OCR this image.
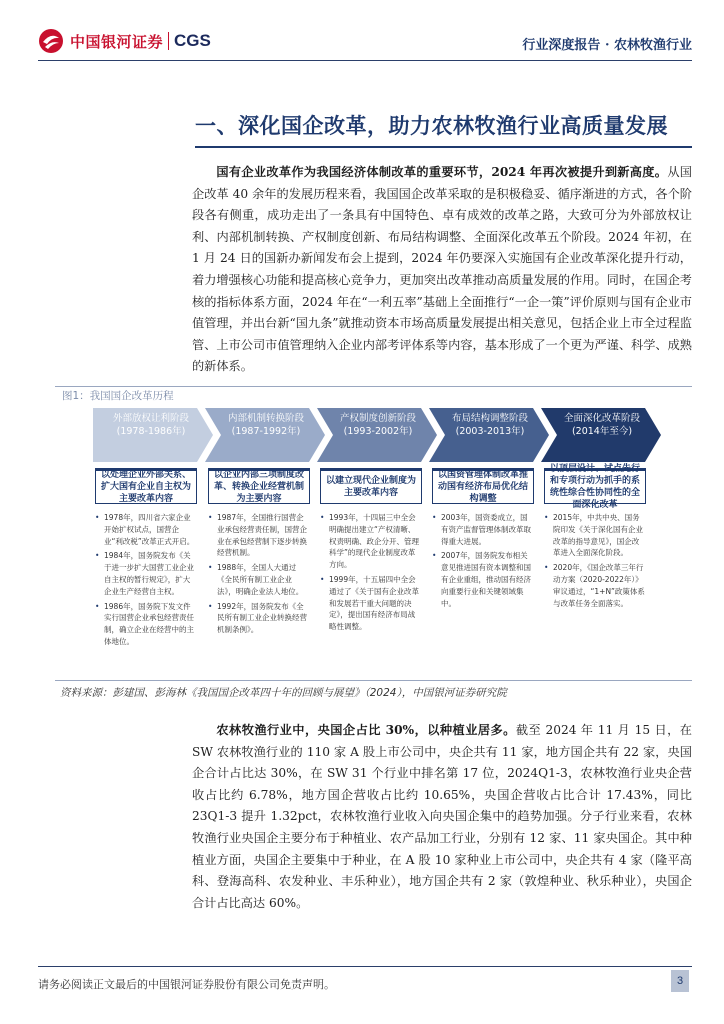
中国银河证券 CGS	行业深度报告 · 农林牧渔行业
一、深化国企改革，助力农林牧渔行业高质量发展
国有企业改革作为我国经济体制改革的重要环节，2024 年再次被提升到新高度。从国企改革 40 余年的发展历程来看，我国国企改革采取的是积极稳妥、循序渐进的方式，各个阶段各有侧重，成功走出了一条具有中国特色、卓有成效的改革之路，大致可分为外部放权让利、内部机制转换、产权制度创新、布局结构调整、全面深化改革五个阶段。2024 年初，在 1 月 24 日的国新办新闻发布会上提到，2024 年仍要深入实施国有企业改革深化提升行动，着力增强核心功能和提高核心竞争力，更加突出改革推动高质量发展的作用。同时，在国企考核的指标体系方面，2024 年在“一利五率”基础上全面推行“一企一策”评价原则与国有企业市值管理，并出台新“国九条”就推动资本市场高质量发展提出相关意见，包括企业上市全过程监管、上市公司市值管理纳入企业内部考评体系等内容，基本形成了一个更为严谨、科学、成熟的新体系。
图1：我国国企改革历程
外部放权让利阶段
(1978-1986年)
内部机制转换阶段
(1987-1992年)
产权制度创新阶段
(1993-2002年)
布局结构调整阶段
(2003-2013年)
全面深化改革阶段
(2014年至今)
以处理企业外部关系、扩大国有企业自主权为主要改革内容
• 1978年，四川省六家企业开始扩权试点，国营企业“利改税”改革正式开启。
• 1984年，国务院发布《关于进一步扩大国营工业企业自主权的暂行规定》，扩大企业生产经营自主权。
• 1986年，国务院下发文件实行国营企业承包经营责任制，确立企业在经营中的主体地位。
以企业内部三项制度改革、转换企业经营机制为主要内容
• 1987年，全国推行国营企业承包经营责任制，国营企业在承包经营制下逐步转换经营机制。
• 1988年，全国人大通过《全民所有制工业企业法》，明确企业法人地位。
• 1992年，国务院发布《全民所有制工业企业转换经营机制条例》。
以建立现代企业制度为主要改革内容
• 1993年，十四届三中全会明确提出建立“产权清晰、权责明确、政企分开、管理科学”的现代企业制度改革方向。
• 1999年，十五届四中全会通过了《关于国有企业改革和发展若干重大问题的决定》，提出国有经济布局战略性调整。
以国资管理体制改革推动国有经济布局优化结构调整
• 2003年，国资委成立，国有资产监督管理体制改革取得重大进展。
• 2007年，国务院发布相关意见推进国有资本调整和国有企业重组，推动国有经济向重要行业和关键领域集中。
以顶层设计、试点先行和专项行动为抓手的系统性综合性协同性的全面深化改革
• 2015年，中共中央、国务院印发《关于深化国有企业改革的指导意见》，国企改革进入全面深化阶段。
• 2020年，《国企改革三年行动方案（2020-2022年）》审议通过，“1+N”政策体系与改革任务全面落实。
资料来源：彭建国、彭海林《我国国企改革四十年的回顾与展望》（2024），中国银河证券研究院
农林牧渔行业中，央国企占比 30%，以种植业居多。截至 2024 年 11 月 15 日，在 SW 农林牧渔行业的 110 家 A 股上市公司中，央企共有 11 家，地方国企共有 22 家，央国企合计占比达 30%，在 SW 31 个行业中排名第 17 位，2024Q1-3，农林牧渔行业央企营收占比约 6.78%，地方国企营收占比约 10.65%，央国企营收占比合计 17.43%，同比 23Q1-3 提升 1.32pct，农林牧渔行业收入向央国企集中的趋势加强。分子行业来看，农林牧渔行业央国企主要分布于种植业、农产品加工行业，分别有 12 家、11 家央国企。其中种植业方面，央国企主要集中于种业，在 A 股 10 家种业上市公司中，央企共有 4 家（隆平高科、登海高科、农发种业、丰乐种业），地方国企共有 2 家（敦煌种业、秋乐种业），央国企合计占比高达 60%。
请务必阅读正文最后的中国银河证券股份有限公司免责声明。	3
